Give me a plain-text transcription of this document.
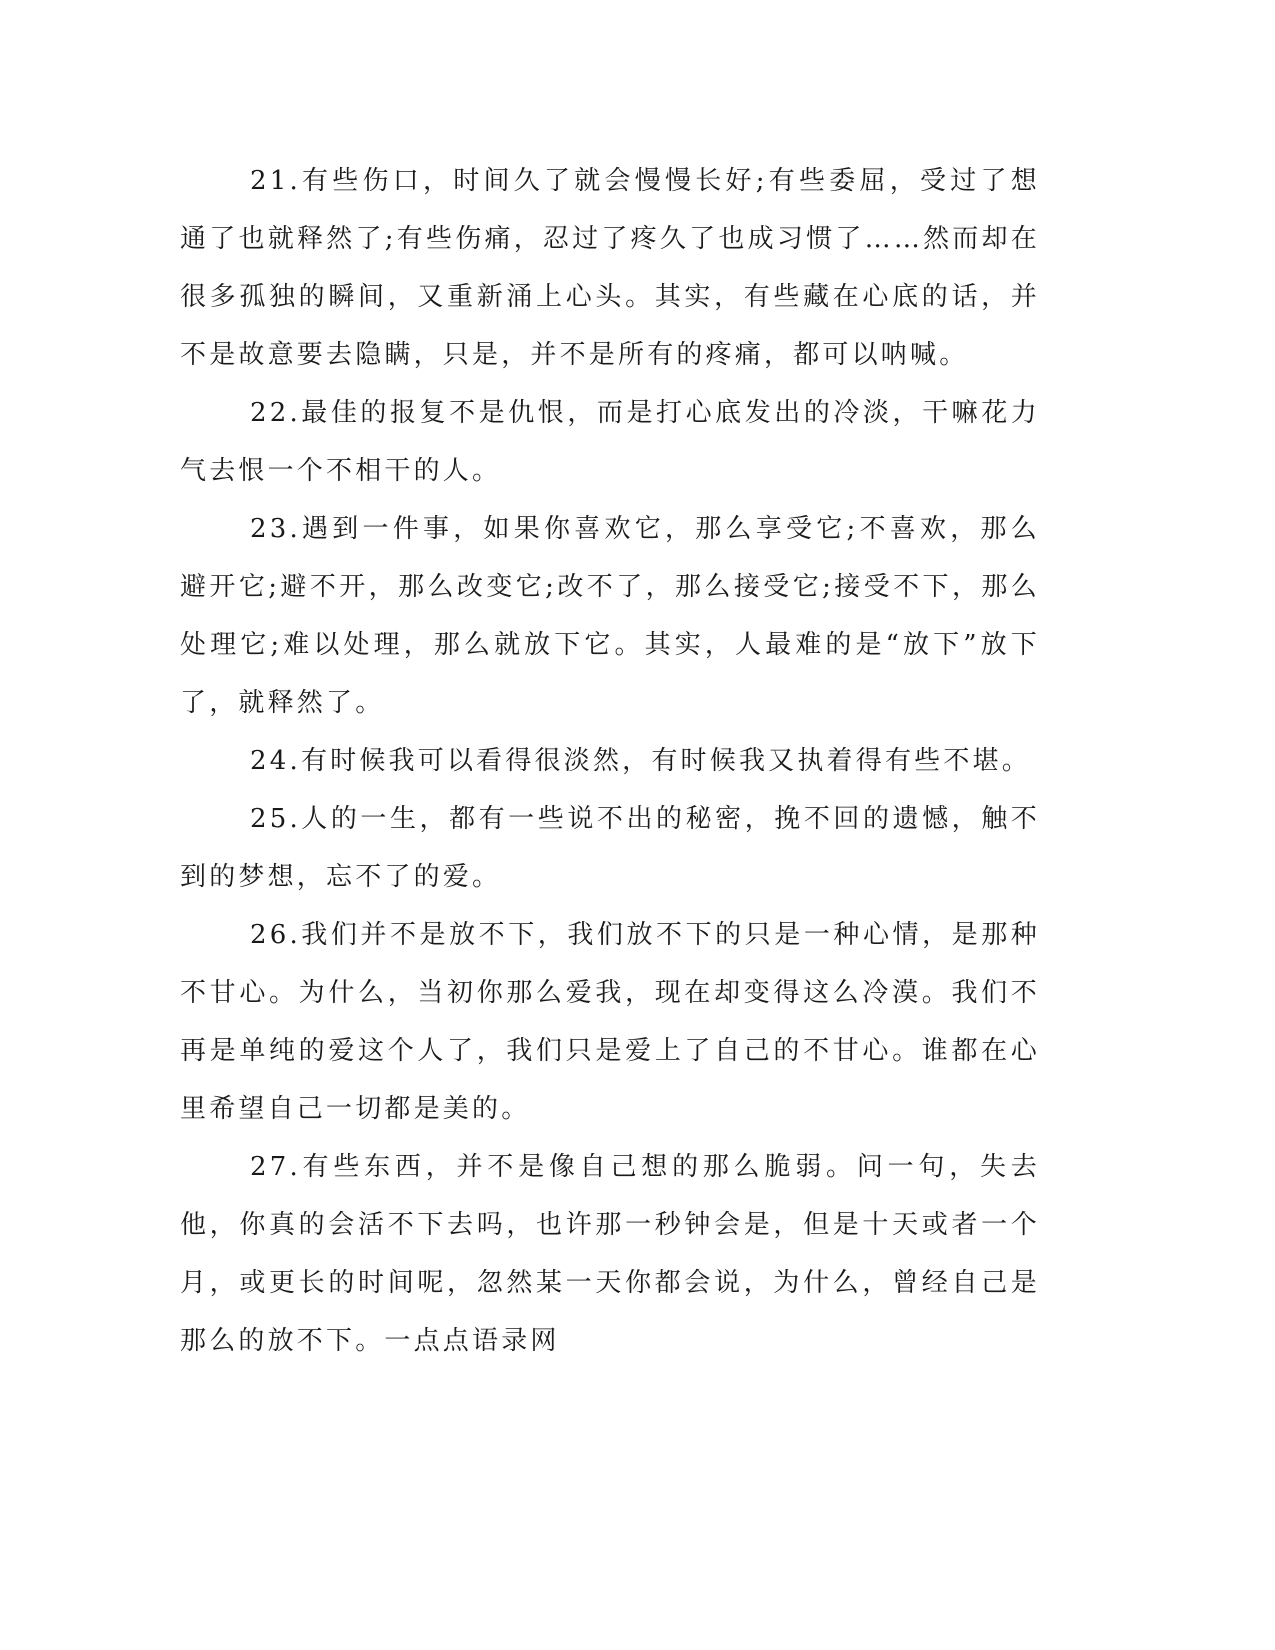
21.有些伤口，时间久了就会慢慢长好;有些委屈，受过了想通了也就释然了;有些伤痛，忍过了疼久了也成习惯了……然而却在很多孤独的瞬间，又重新涌上心头。其实，有些藏在心底的话，并不是故意要去隐瞒，只是，并不是所有的疼痛，都可以呐喊。

22.最佳的报复不是仇恨，而是打心底发出的冷淡，干嘛花力气去恨一个不相干的人。

23.遇到一件事，如果你喜欢它，那么享受它;不喜欢，那么避开它;避不开，那么改变它;改不了，那么接受它;接受不下，那么处理它;难以处理，那么就放下它。其实，人最难的是“放下”放下了，就释然了。

24.有时候我可以看得很淡然，有时候我又执着得有些不堪。

25.人的一生，都有一些说不出的秘密，挽不回的遗憾，触不到的梦想，忘不了的爱。

26.我们并不是放不下，我们放不下的只是一种心情，是那种不甘心。为什么，当初你那么爱我，现在却变得这么冷漠。我们不再是单纯的爱这个人了，我们只是爱上了自己的不甘心。谁都在心里希望自己一切都是美的。

27.有些东西，并不是像自己想的那么脆弱。问一句，失去他，你真的会活不下去吗，也许那一秒钟会是，但是十天或者一个月，或更长的时间呢，忽然某一天你都会说，为什么，曾经自己是那么的放不下。一点点语录网
